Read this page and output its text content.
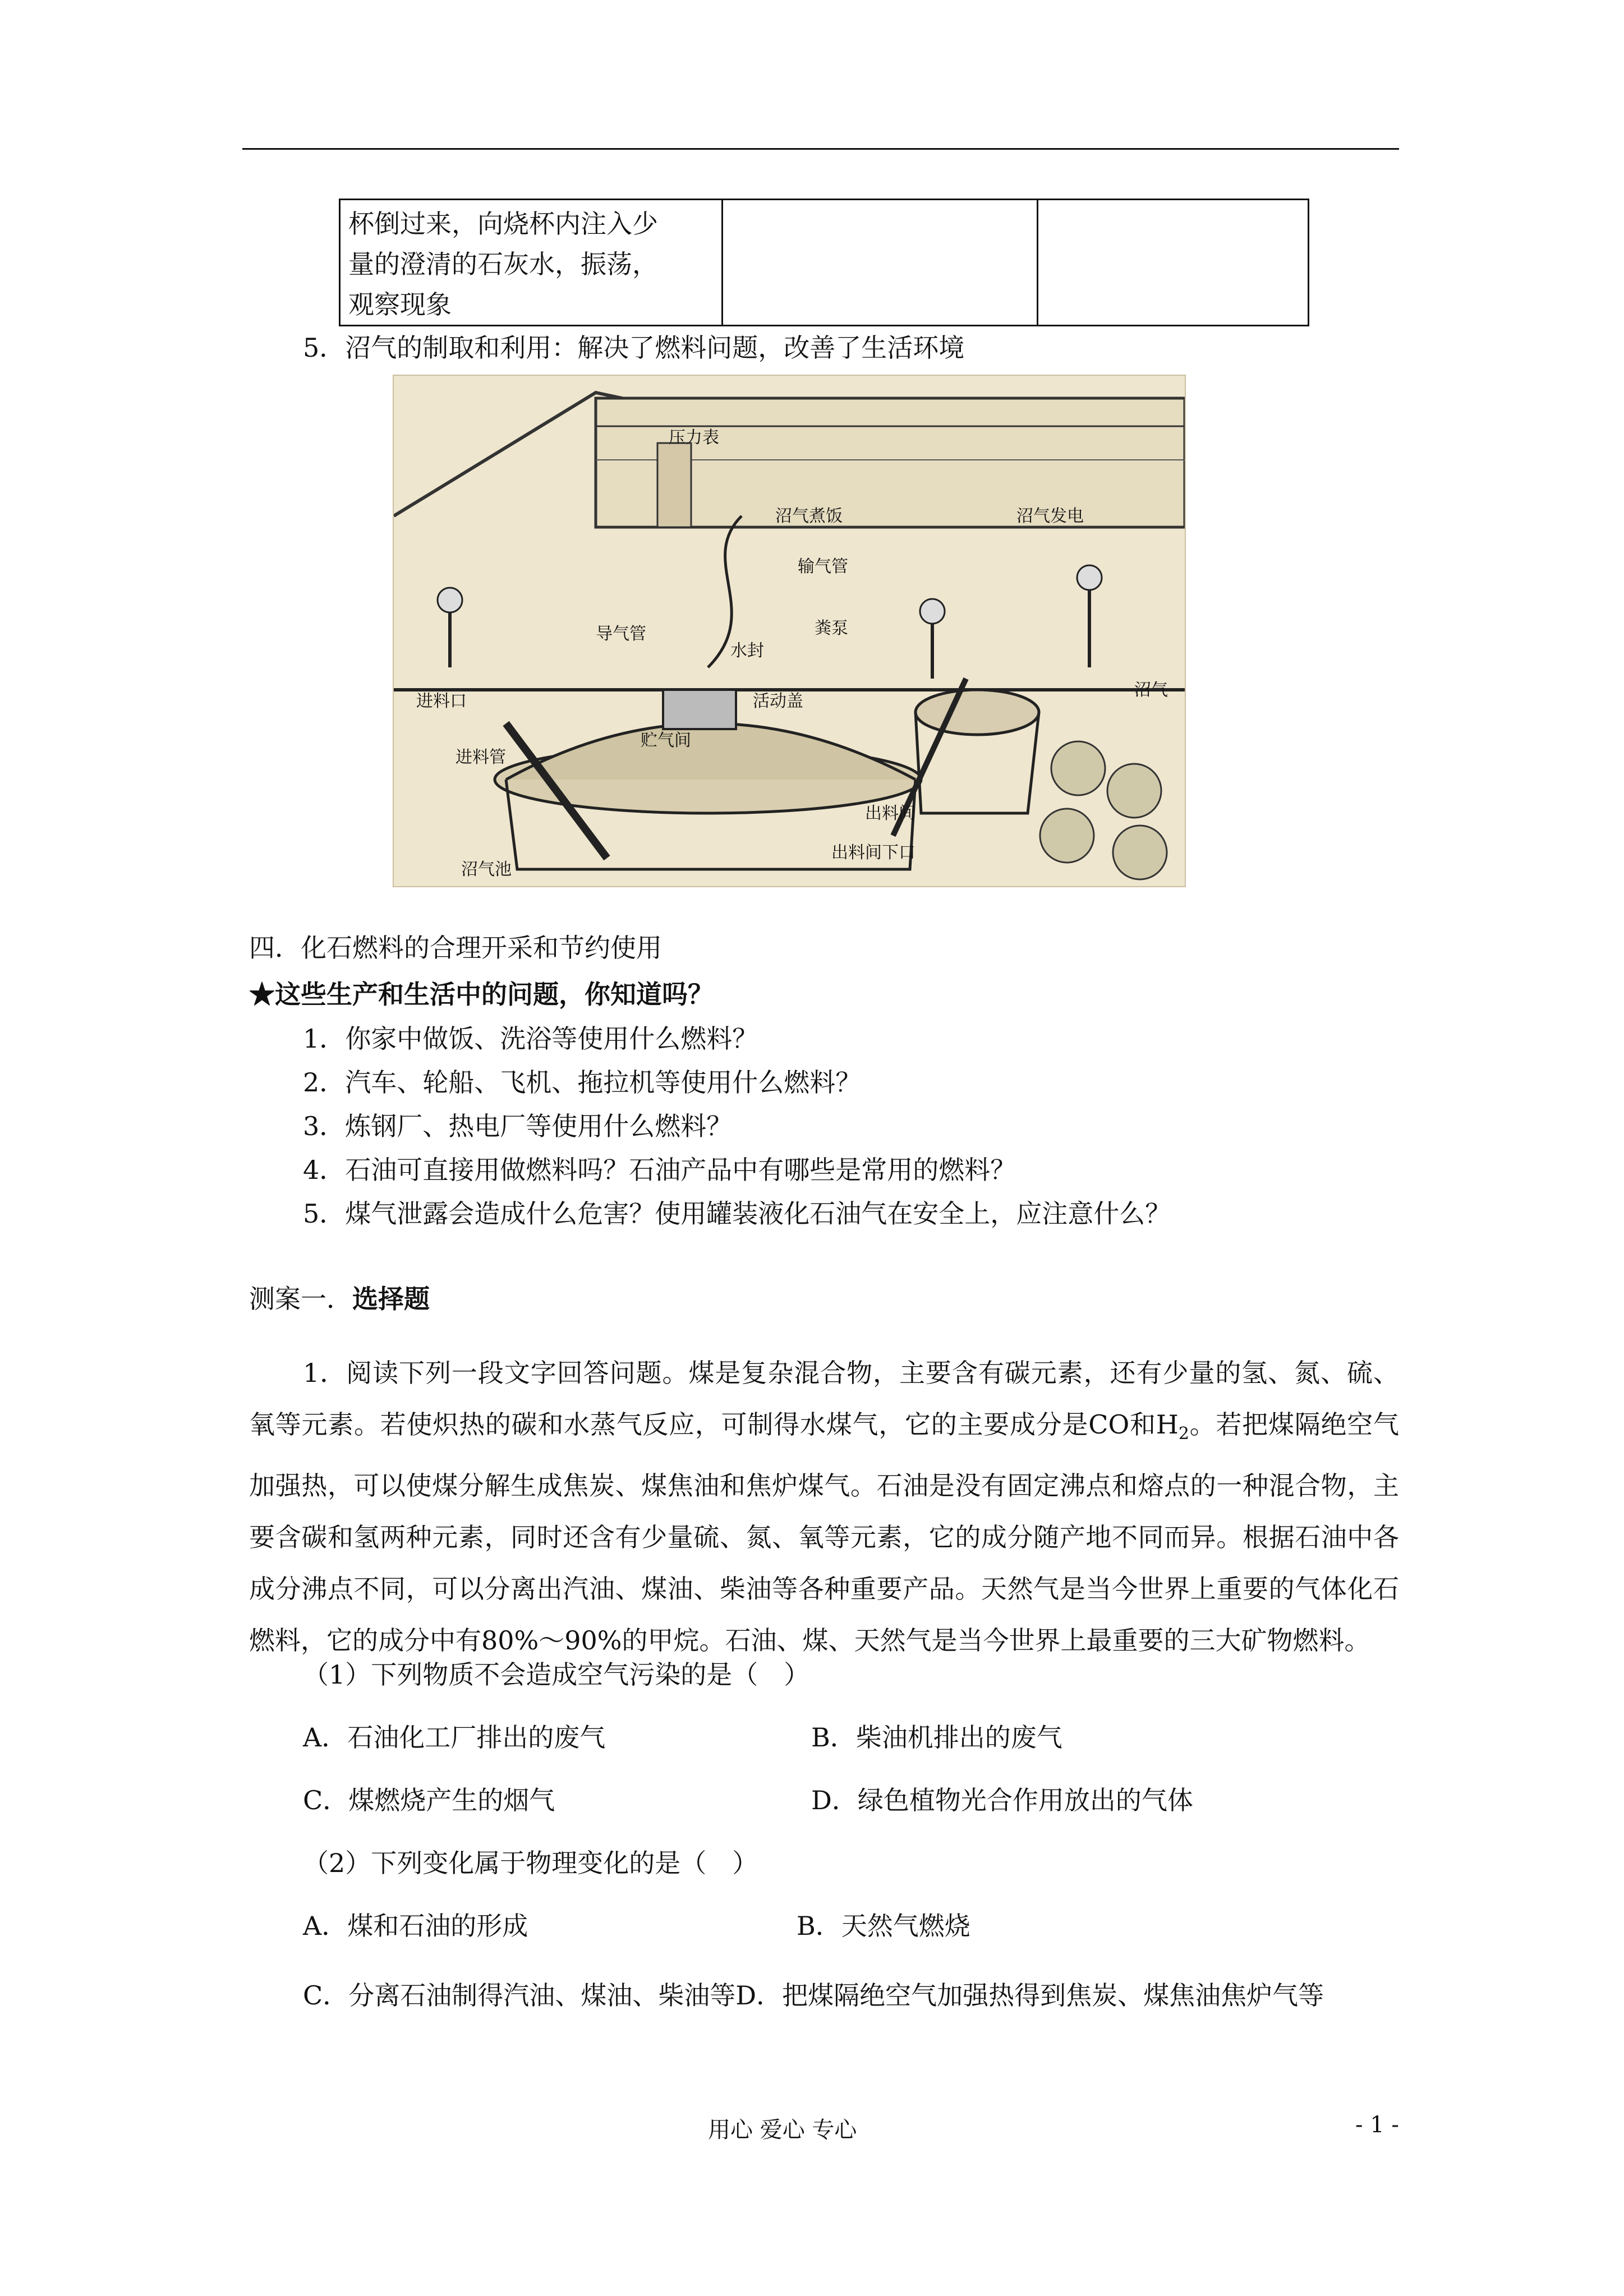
杯倒过来，向烧杯内注入少
量的澄清的石灰水，振荡，
观察现象
5．沼气的制取和利用：解决了燃料问题，改善了生活环境
压力表
沼气煮饭	沼气发电
输气管
导气管
水封
粪泵
进料口	活动盖
贮气间
进料管
出料间
出料间下口
沼气池
沼气
四．化石燃料的合理开采和节约使用
★这些生产和生活中的问题，你知道吗？
1．你家中做饭、洗浴等使用什么燃料？
2．汽车、轮船、飞机、拖拉机等使用什么燃料？
3．炼钢厂、热电厂等使用什么燃料？
4．石油可直接用做燃料吗？石油产品中有哪些是常用的燃料？
5．煤气泄露会造成什么危害？使用罐装液化石油气在安全上，应注意什么？
测案一．选择题
1．阅读下列一段文字回答问题。煤是复杂混合物，主要含有碳元素，还有少量的氢、氮、硫、氧等元素。若使炽热的碳和水蒸气反应，可制得水煤气，它的主要成分是CO和$H_2$。若把煤隔绝空气加强热，可以使煤分解生成焦炭、煤焦油和焦炉煤气。石油是没有固定沸点和熔点的一种混合物，主要含碳和氢两种元素，同时还含有少量硫、氮、氧等元素，它的成分随产地不同而异。根据石油中各成分沸点不同，可以分离出汽油、煤油、柴油等各种重要产品。天然气是当今世界上重要的气体化石燃料，它的成分中有80%～90%的甲烷。石油、煤、天然气是当今世界上最重要的三大矿物燃料。
（1）下列物质不会造成空气污染的是（　）
A．石油化工厂排出的废气	B．柴油机排出的废气
C．煤燃烧产生的烟气	D．绿色植物光合作用放出的气体
（2）下列变化属于物理变化的是（　）
A．煤和石油的形成	B．天然气燃烧
C．分离石油制得汽油、煤油、柴油等D．把煤隔绝空气加强热得到焦炭、煤焦油焦炉气等
用心 爱心 专心	- 1 -
